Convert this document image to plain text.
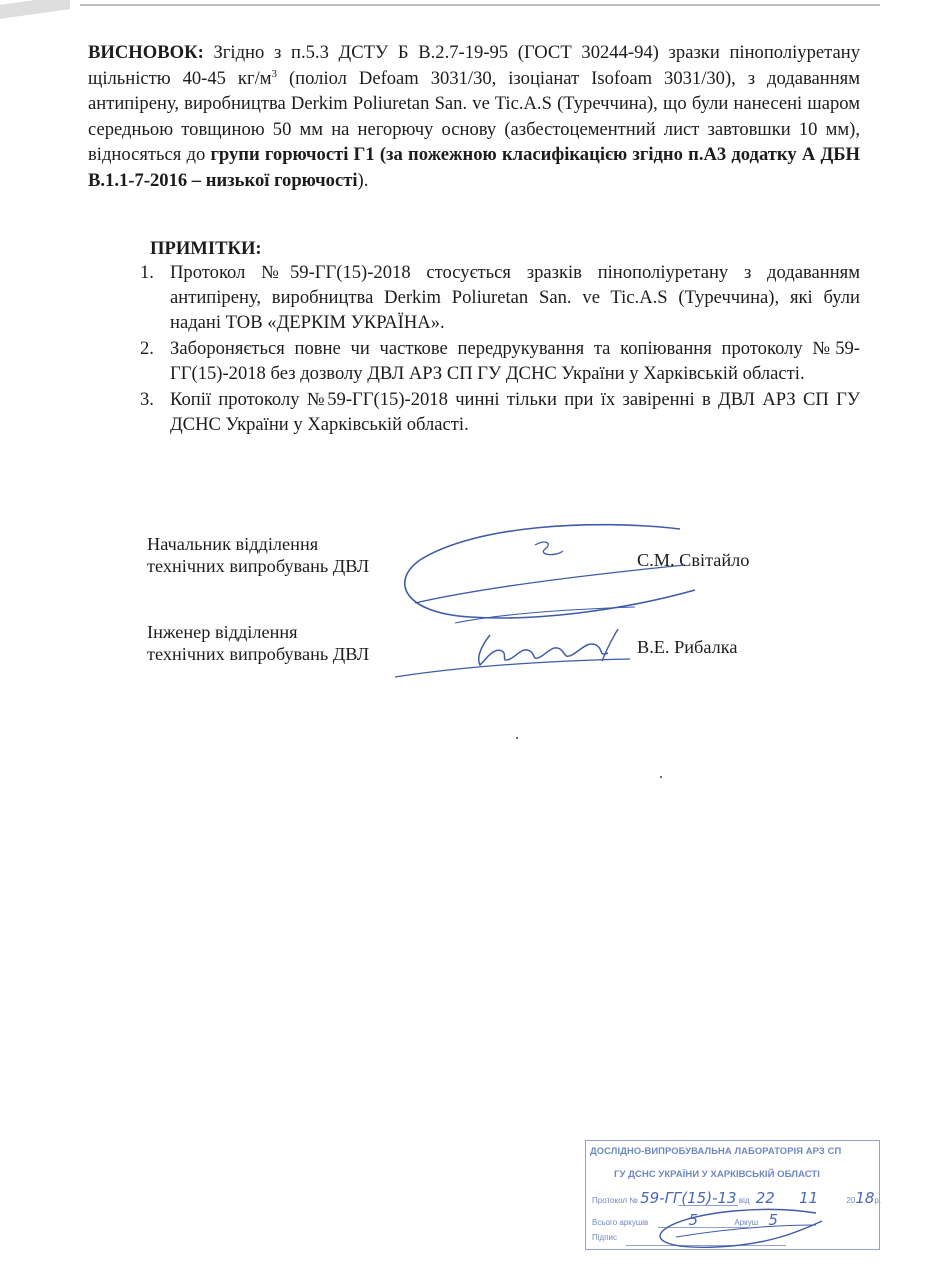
ВИСНОВОК: Згідно з п.5.3 ДСТУ Б В.2.7-19-95 (ГОСТ 30244-94) зразки пінополіуретану щільністю 40-45 $кг/м^3$ (поліол Defoam 3031/30, ізоціанат Isofoam 3031/30), з додаванням антипірену, виробництва Derkim Poliuretan San. ve Tic.A.S (Туреччина), що були нанесені шаром середньою товщиною 50 мм на негорючу основу (азбестоцементний лист завтовшки 10 мм), відносяться до групи горючості Г1 (за пожежною класифікацією згідно п.А3 додатку А ДБН В.1.1-7-2016 – низької горючості).

ПРИМІТКИ:

1. Протокол №59-ГГ(15)-2018 стосується зразків пінополіуретану з додаванням антипірену, виробництва Derkim Poliuretan San. ve Tic.A.S (Туреччина), які були надані ТОВ «ДЕРКІМ УКРАЇНА».
2. Забороняється повне чи часткове передрукування та копіювання протоколу №59-ГГ(15)-2018 без дозволу ДВЛ АРЗ СП ГУ ДСНС України у Харківській області.
3. Копії протоколу №59-ГГ(15)-2018 чинні тільки при їх завіренні в ДВЛ АРЗ СП ГУ ДСНС України у Харківській області.

Начальник відділення
технічних випробувань ДВЛ	С.М. Світайло

Інженер відділення
технічних випробувань ДВЛ	В.Е. Рибалка

ДОСЛІДНО-ВИПРОБУВАЛЬНА ЛАБОРАТОРІЯ АРЗ СП
ГУ ДСНС УКРАЇНИ У ХАРКІВСЬКІЙ ОБЛАСТІ
Протокол № 59-ГГ(15)-13 від 22 11	2018р.
Всього аркушів	5	Аркуш 5
Підпис
